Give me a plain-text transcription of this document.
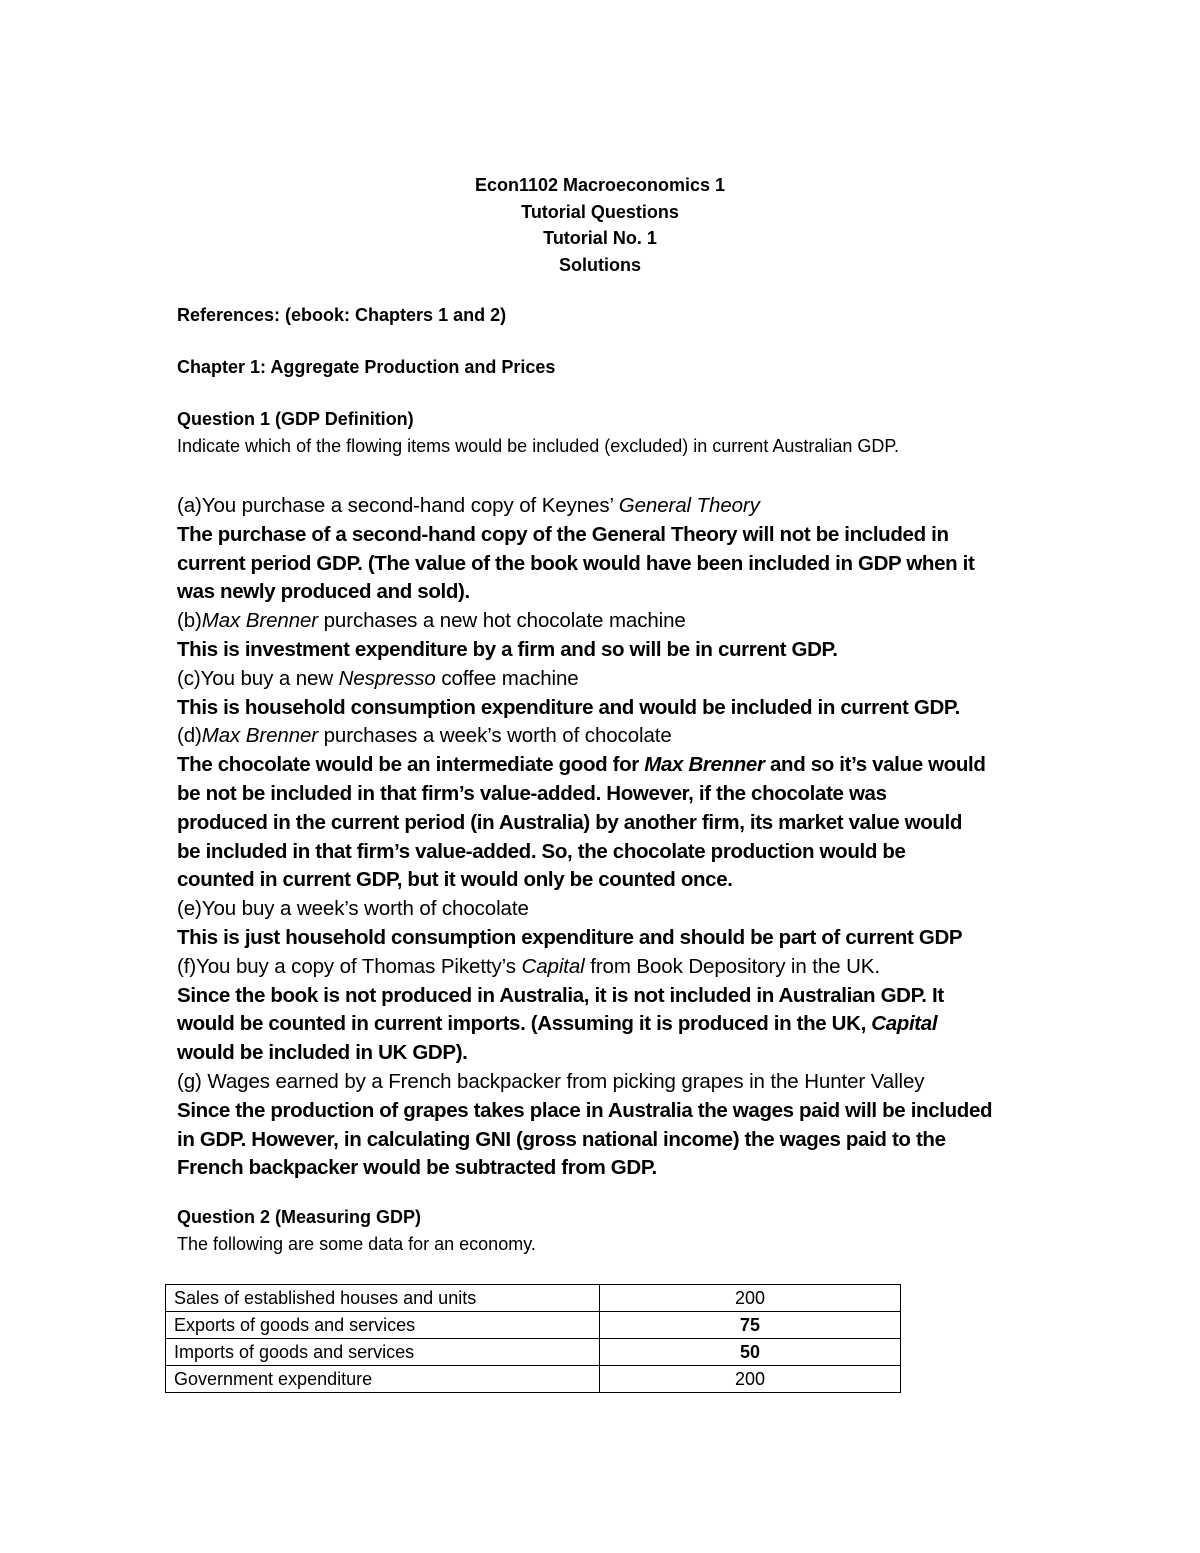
Econ1102 Macroeconomics 1
Tutorial Questions
Tutorial No. 1
Solutions
References: (ebook: Chapters 1 and 2)
Chapter 1: Aggregate Production and Prices
Question 1 (GDP Definition)
Indicate which of the flowing items would be included (excluded) in current Australian GDP.
(a)You purchase a second-hand copy of Keynes’ General Theory
The purchase of a second-hand copy of the General Theory will not be included in
current period GDP. (The value of the book would have been included in GDP when it
was newly produced and sold).
(b)Max Brenner purchases a new hot chocolate machine
This is investment expenditure by a firm and so will be in current GDP.
(c)You buy a new Nespresso coffee machine
This is household consumption expenditure and would be included in current GDP.
(d)Max Brenner purchases a week’s worth of chocolate
The chocolate would be an intermediate good for Max Brenner and so it’s value would
be not be included in that firm’s value-added. However, if the chocolate was
produced in the current period (in Australia) by another firm, its market value would
be included in that firm’s value-added. So, the chocolate production would be
counted in current GDP, but it would only be counted once.
(e)You buy a week’s worth of chocolate
This is just household consumption expenditure and should be part of current GDP
(f)You buy a copy of Thomas Piketty’s Capital from Book Depository in the UK.
Since the book is not produced in Australia, it is not included in Australian GDP. It
would be counted in current imports. (Assuming it is produced in the UK, Capital
would be included in UK GDP).
(g) Wages earned by a French backpacker from picking grapes in the Hunter Valley
Since the production of grapes takes place in Australia the wages paid will be included
in GDP. However, in calculating GNI (gross national income) the wages paid to the
French backpacker would be subtracted from GDP.
Question 2 (Measuring GDP)
The following are some data for an economy.
Sales of established houses and units	200
Exports of goods and services	75
Imports of goods and services	50
Government expenditure	200
